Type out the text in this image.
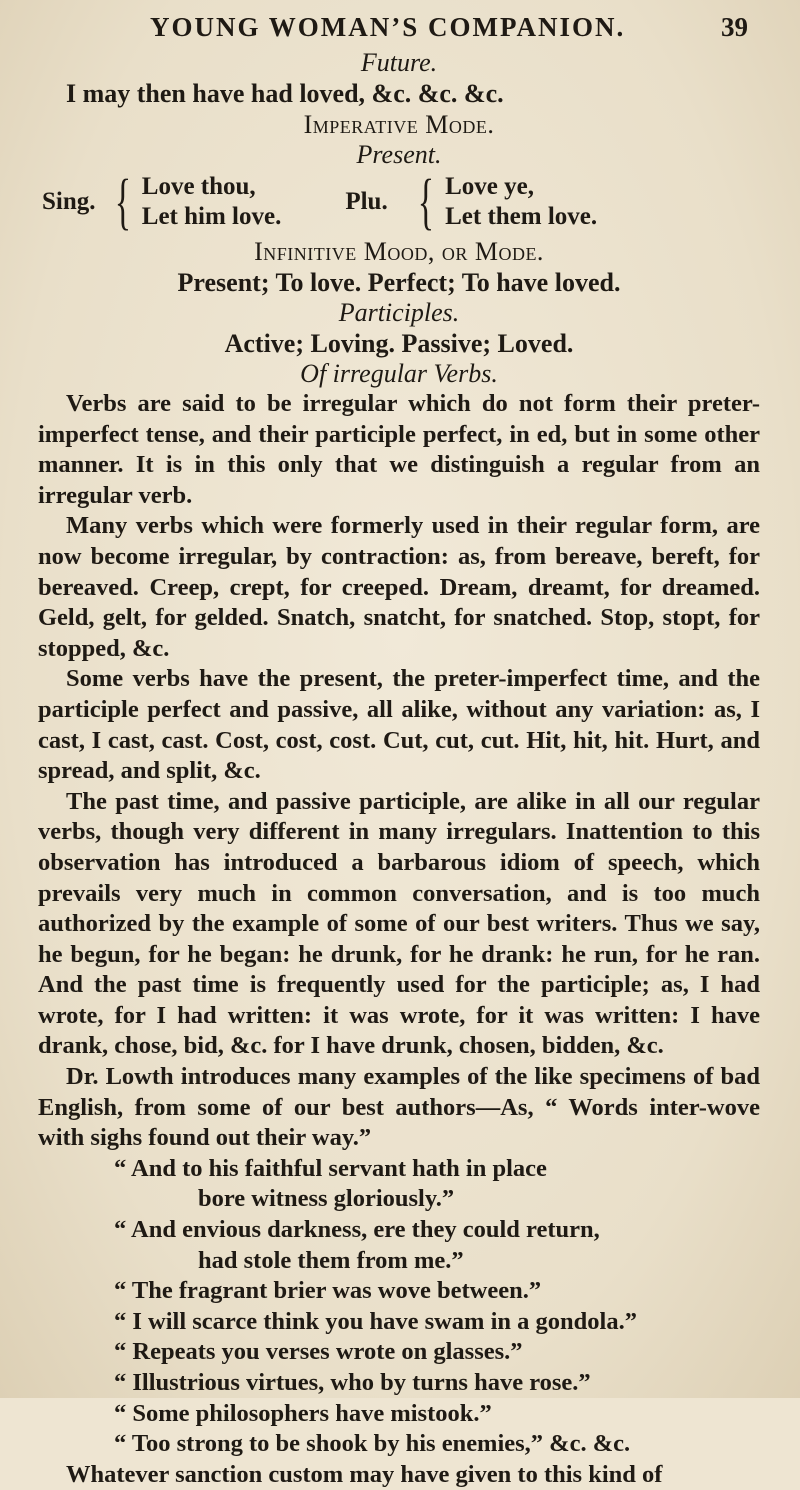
YOUNG WOMAN’S COMPANION.	39
Future.
I may then have had loved, &c. &c. &c.
Imperative Mode.
Present.
Sing. { Love thou,
Let him love.
Plu. { Love ye,
Let them love.
Infinitive Mood, or Mode.
Present; To love. Perfect; To have loved.
Participles.
Active; Loving. Passive; Loved.
Of irregular Verbs.

Verbs are said to be irregular which do not form their preter-imperfect tense, and their participle perfect, in ed, but in some other manner. It is in this only that we distinguish a regular from an irregular verb.

Many verbs which were formerly used in their regular form, are now become irregular, by contraction: as, from bereave, bereft, for bereaved. Creep, crept, for creeped. Dream, dreamt, for dreamed. Geld, gelt, for gelded. Snatch, snatcht, for snatched. Stop, stopt, for stopped, &c.

Some verbs have the present, the preter-imperfect time, and the participle perfect and passive, all alike, without any variation: as, I cast, I cast, cast. Cost, cost, cost. Cut, cut, cut. Hit, hit, hit. Hurt, and spread, and split, &c.

The past time, and passive participle, are alike in all our regular verbs, though very different in many irregulars. Inattention to this observation has introduced a barbarous idiom of speech, which prevails very much in common conversation, and is too much authorized by the example of some of our best writers. Thus we say, he begun, for he began: he drunk, for he drank: he run, for he ran. And the past time is frequently used for the participle; as, I had wrote, for I had written: it was wrote, for it was written: I have drank, chose, bid, &c. for I have drunk, chosen, bidden, &c.

Dr. Lowth introduces many examples of the like specimens of bad English, from some of our best authors—As, “ Words inter-wove with sighs found out their way.”

“ And to his faithful servant hath in place

bore witness gloriously.”

“ And envious darkness, ere they could return,

had stole them from me.”

“ The fragrant brier was wove between.”

“ I will scarce think you have swam in a gondola.”

“ Repeats you verses wrote on glasses.”

“ Illustrious virtues, who by turns have rose.”

“ Some philosophers have mistook.”

“ Too strong to be shook by his enemies,” &c. &c.

Whatever sanction custom may have given to this kind of
